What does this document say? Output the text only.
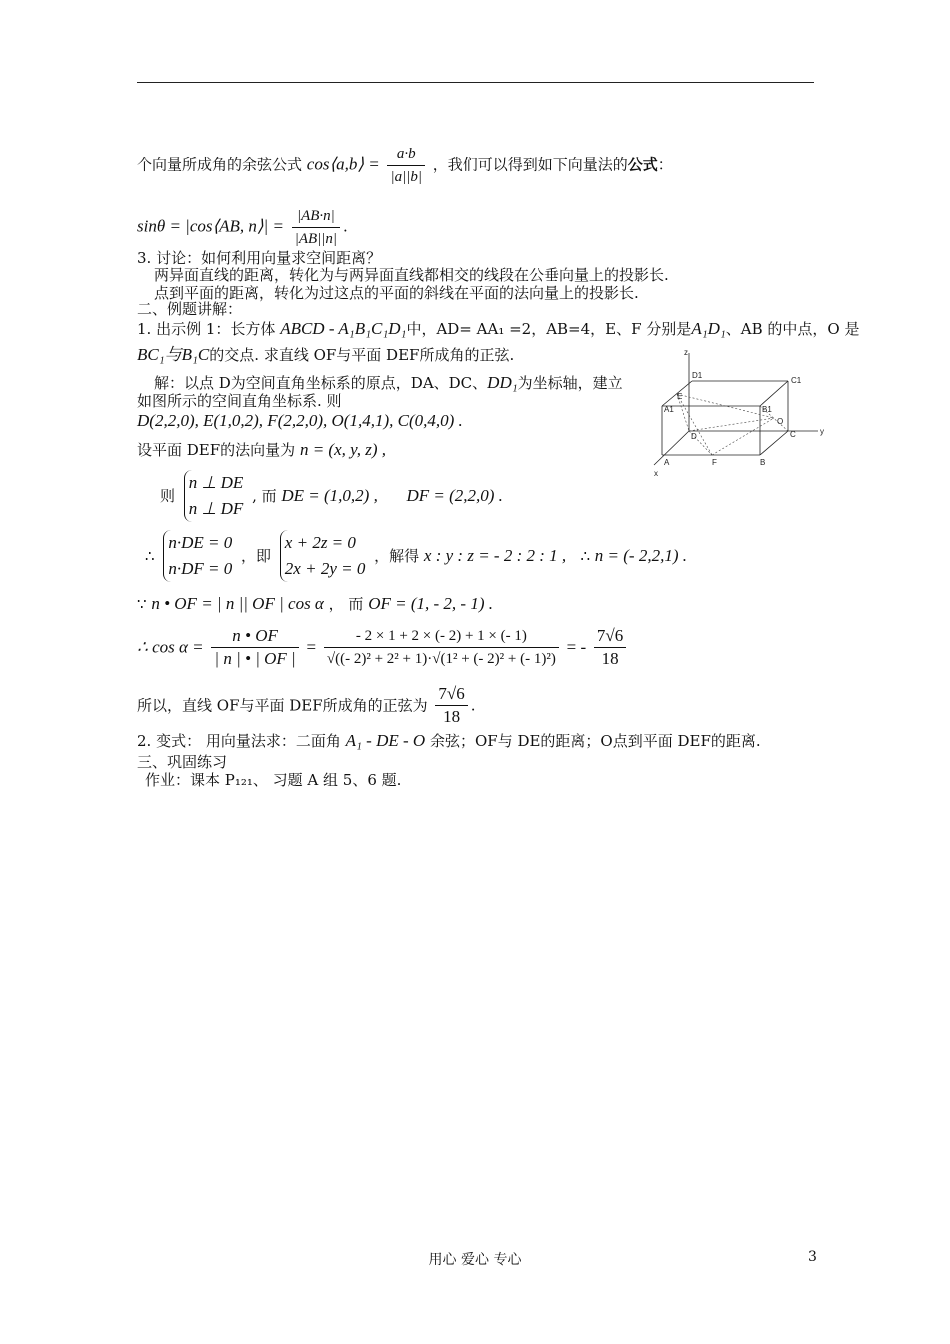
个向量所成角的余弦公式 cos⟨a,b⟩ = $\frac{a\cdot b}{|a||b|}$ ，我们可以得到如下向量法的公式：
sinθ = |cos⟨AB, n⟩| = $\frac{|AB\cdot n|}{|AB||n|}$ .
3. 讨论：如何利用向量求空间距离？
两异面直线的距离，转化为与两异面直线都相交的线段在公垂向量上的投影长.
点到平面的距离，转化为过这点的平面的斜线在平面的法向量上的投影长.
二、例题讲解：
1. 出示例 1：长方体 ABCD - A₁B₁C₁D₁中，AD= AA₁ =2，AB=4，E、F 分别是A₁D₁、AB 的中点，O 是
BC₁与B₁C的交点. 求直线 OF与平面 DEF所成角的正弦.
解：以点 D为空间直角坐标系的原点，DA、DC、DD₁为坐标轴，建立
如图所示的空间直角坐标系. 则
D(2,2,0), E(1,0,2), F(2,2,0), O(1,4,1), C(0,4,0) .
设平面 DEF的法向量为 n = (x, y, z) ,
则
n ⊥ DE
n ⊥ DF
, 而 DE = (1,0,2) , DF = (2,2,0) .
∴
n·DE = 0
n·DF = 0
，即
x + 2z = 0
2x + 2y = 0
，解得 x : y : z = - 2 : 2 : 1 , ∴ n = (- 2,2,1) .
∵ n • OF = | n || OF | cos α ， 而 OF = (1, - 2, - 1) .
∴ $\cos \alpha = \frac{n • OF}{| n | • | OF |} = \frac{- 2 \times 1 + 2 \times (- 2) + 1 \times (- 1)}{\text{√((- 2)² + 2² + 1)·√(1² + (- 2)² + (- 1)²)}}$ = - $\frac{7√6}{18}$
所以，直线 OF与平面 DEF所成角的正弦为 $\frac{7√6}{18}$ .
2. 变式： 用向量法求：二面角 A₁ - DE - O 余弦；OF与 DE的距离；O点到平面 DEF的距离.
三、巩固练习
作业：课本 P₁₂₁、 习题 A 组 5、6 题.
z
y
x
D1
C1
A1	B1
E
O
D	C
A	F	B
用心 爱心 专心	3
